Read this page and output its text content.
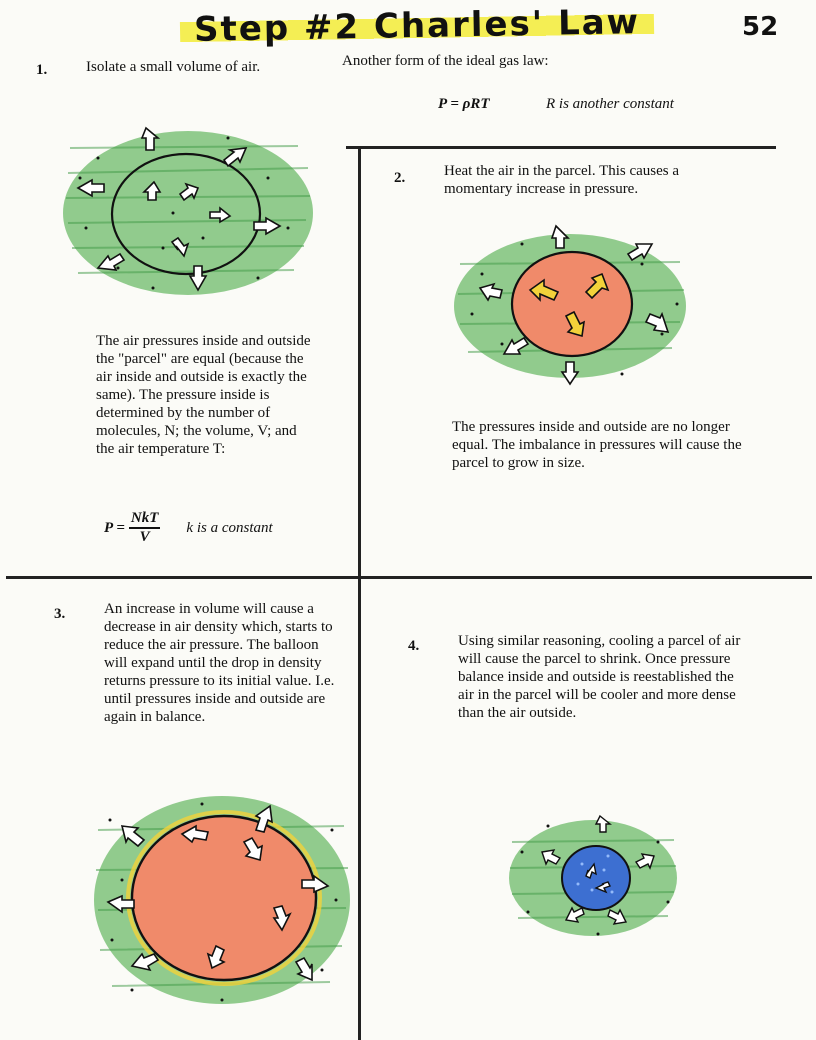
Step #2 Charles' Law	52
1.	Isolate a small volume of air.
The air pressures inside and outside the "parcel" are equal (because the air inside and outside is exactly the same). The pressure inside is determined by the number of molecules, N; the volume, V; and the air temperature T:
$P = \frac{\text{NkT}}{V}$ k is a constant
Another form of the ideal gas law:
P = ρRT	R is another constant
2.	Heat the air in the parcel. This causes a momentary increase in pressure.
The pressures inside and outside are no longer equal. The imbalance in pressures will cause the parcel to grow in size.
3.	An increase in volume will cause a decrease in air density which, starts to reduce the air pressure. The balloon will expand until the drop in density returns pressure to its initial value. I.e. until pressures inside and outside are again in balance.
4.	Using similar reasoning, cooling a parcel of air will cause the parcel to shrink. Once pressure balance inside and outside is reestablished the air in the parcel will be cooler and more dense than the air outside.
